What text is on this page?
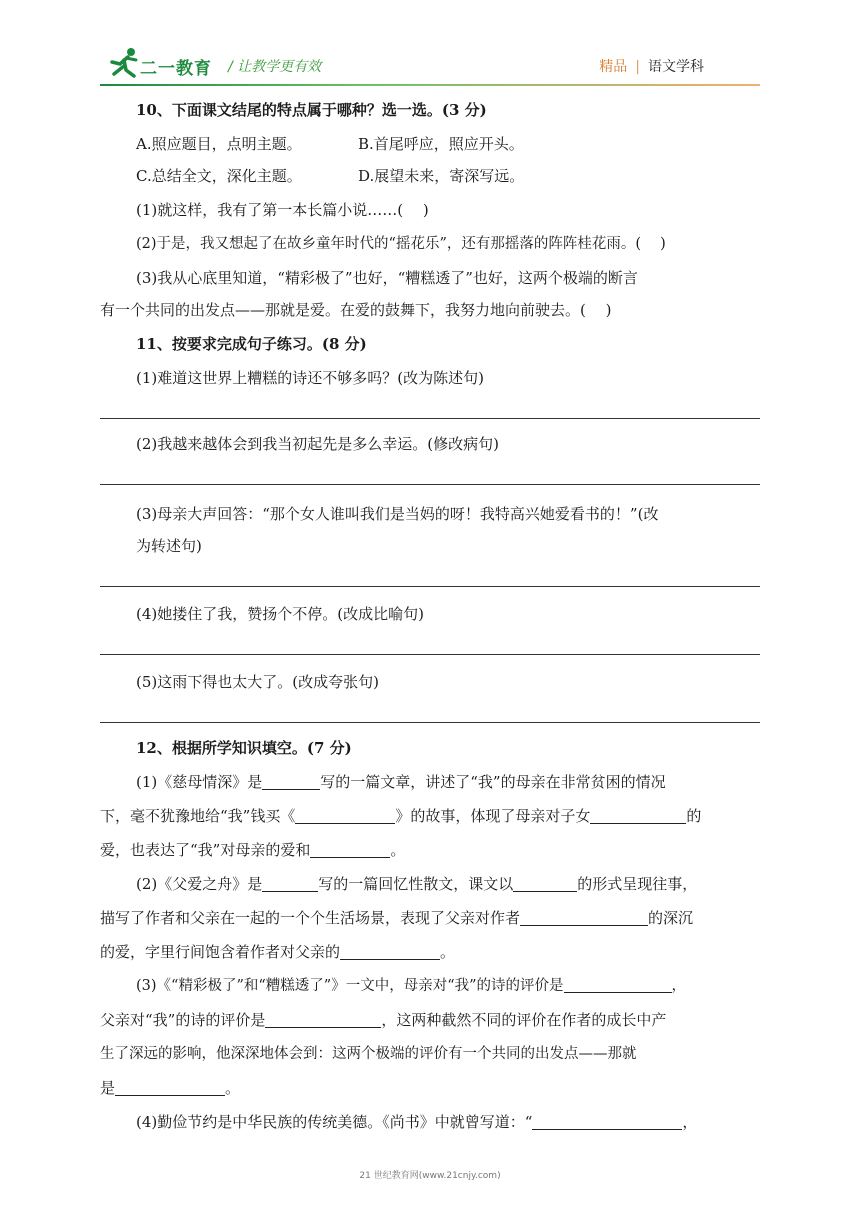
二一教育 / 让教学更有效	精品 | 语文学科
10、下面课文结尾的特点属于哪种？选一选。(3 分)
A.照应题目，点明主题。	B.首尾呼应，照应开头。
C.总结全文，深化主题。	D.展望未来，寄深写远。
(1)就这样，我有了第一本长篇小说……(　 )
(2)于是，我又想起了在故乡童年时代的“摇花乐”，还有那摇落的阵阵桂花雨。(　 )
(3)我从心底里知道，“精彩极了”也好，“糟糕透了”也好，这两个极端的断言
有一个共同的出发点——那就是爱。在爱的鼓舞下，我努力地向前驶去。(　 )
11、按要求完成句子练习。(8 分)
(1)难道这世界上糟糕的诗还不够多吗？(改为陈述句)
(2)我越来越体会到我当初起先是多么幸运。(修改病句)
(3)母亲大声回答：“那个女人谁叫我们是当妈的呀！我特高兴她爱看书的！”(改
为转述句)
(4)她搂住了我，赞扬个不停。(改成比喻句)
(5)这雨下得也太大了。(改成夸张句)
12、根据所学知识填空。(7 分)
(1)《慈母情深》是	写的一篇文章，讲述了“我”的母亲在非常贫困的情况
下，毫不犹豫地给“我”钱买《	》的故事，体现了母亲对子女	的
爱，也表达了“我”对母亲的爱和	。
(2)《父爱之舟》是	写的一篇回忆性散文，课文以	的形式呈现往事，
描写了作者和父亲在一起的一个个生活场景，表现了父亲对作者	的深沉
的爱，字里行间饱含着作者对父亲的	。
(3)《“精彩极了”和“糟糕透了”》一文中，母亲对“我”的诗的评价是	，
父亲对“我”的诗的评价是	，这两种截然不同的评价在作者的成长中产
生了深远的影响，他深深地体会到：这两个极端的评价有一个共同的出发点——那就
是	。
(4)勤俭节约是中华民族的传统美德。《尚书》中就曾写道：“	，
21 世纪教育网(www.21cnjy.com)
